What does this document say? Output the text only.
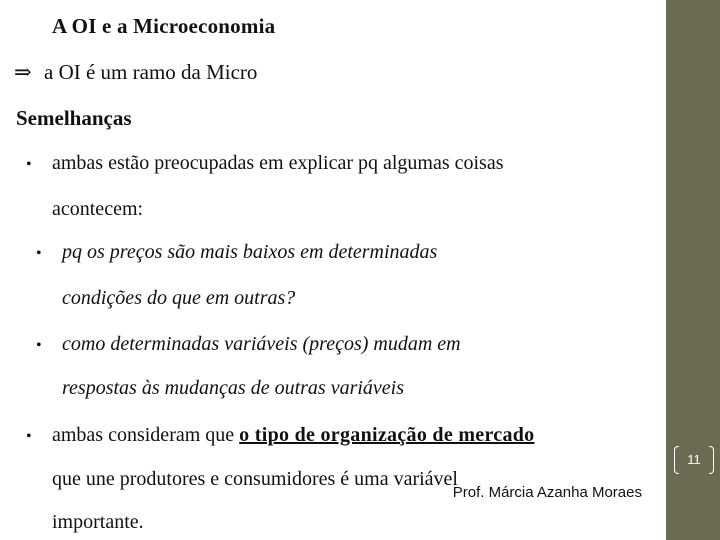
A OI e a Microeconomia
⇒ a OI é um ramo da Micro
Semelhanças
• ambas estão preocupadas em explicar pq algumas coisas
acontecem:
• pq os preços são mais baixos em determinadas
condições do que em outras?
• como determinadas variáveis (preços) mudam em
respostas às mudanças de outras variáveis
• ambas consideram que o tipo de organização de mercado
que une produtores e consumidores é uma variável
importante.
Prof. Márcia Azanha Moraes
11
